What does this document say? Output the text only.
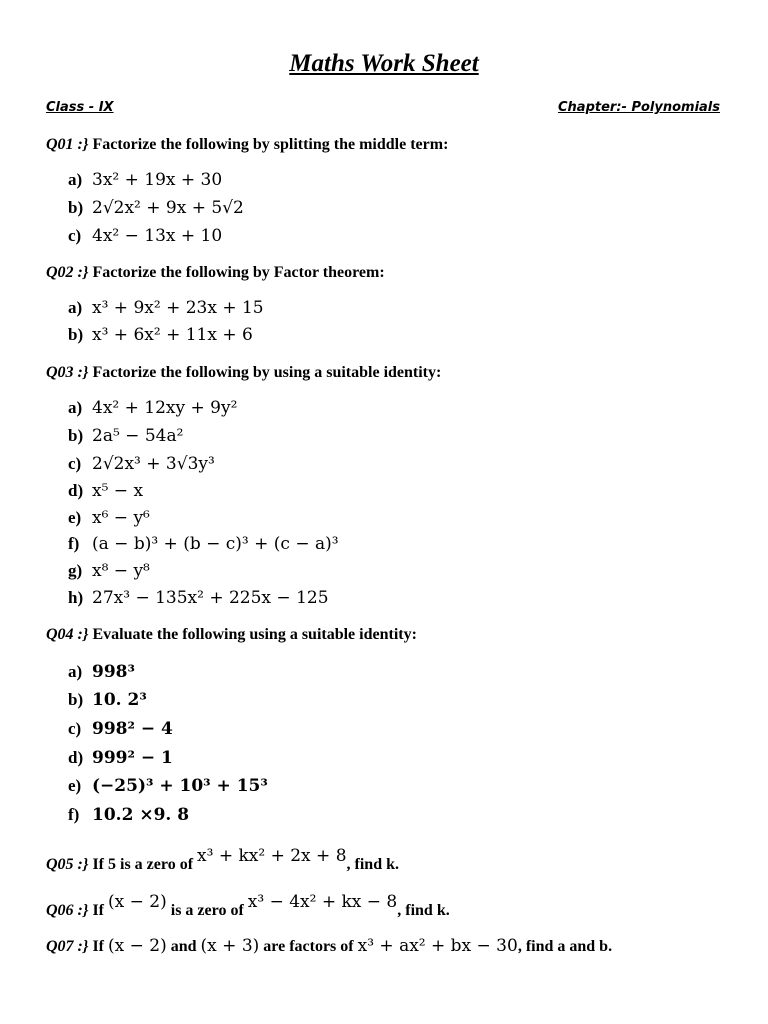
Maths Work Sheet
Class - IX	Chapter:- Polynomials
Q01 :} Factorize the following by splitting the middle term:
a) 3x² + 19x + 30
b) 2√2x² + 9x + 5√2
c) 4x² − 13x + 10
Q02 :} Factorize the following by Factor theorem:
a) x³ + 9x² + 23x + 15
b) x³ + 6x² + 11x + 6
Q03 :} Factorize the following by using a suitable identity:
a) 4x² + 12xy + 9y²
b) 2a⁵ − 54a²
c) 2√2x³ + 3√3y³
d) x⁵ − x
e) x⁶ − y⁶
f) (a − b)³ + (b − c)³ + (c − a)³
g) x⁸ − y⁸
h) 27x³ − 135x² + 225x − 125
Q04 :} Evaluate the following using a suitable identity:
a) 998³
b) 10. 2³
c) 998² − 4
d) 999² − 1
e) (−25)³ + 10³ + 15³
f) 10.2 ×9. 8
Q05 :} If 5 is a zero of x³ + kx² + 2x + 8, find k.
Q06 :} If (x − 2) is a zero of x³ − 4x² + kx − 8, find k.
Q07 :} If (x − 2) and (x + 3) are factors of x³ + ax² + bx − 30, find a and b.
